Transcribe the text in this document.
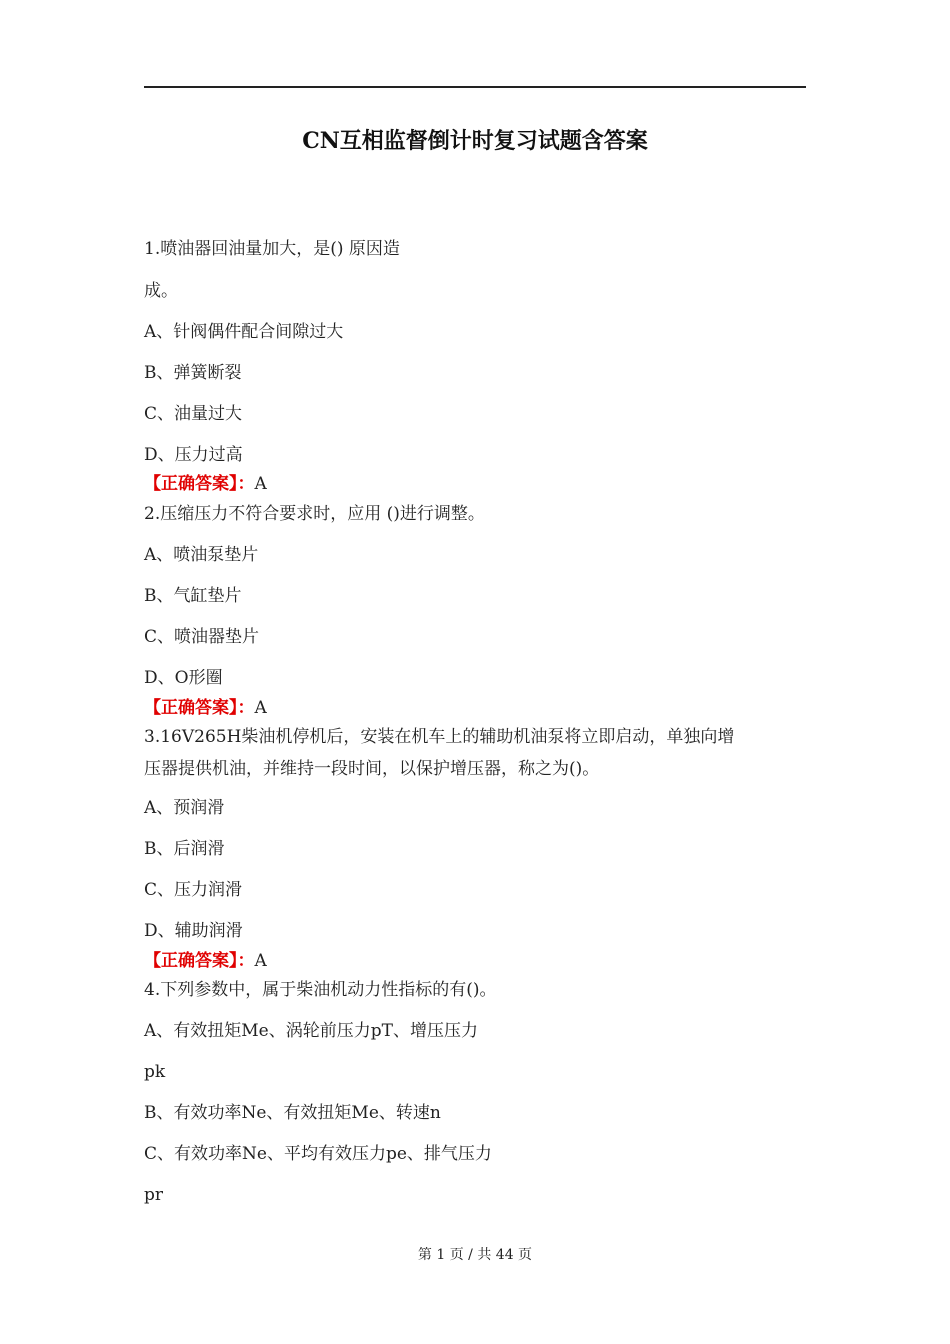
CN互相监督倒计时复习试题含答案
1.喷油器回油量加大，是() 原因造
成。
A、针阀偶件配合间隙过大
B、弹簧断裂
C、油量过大
D、压力过高
【正确答案】：A
2.压缩压力不符合要求时，应用 ()进行调整。
A、喷油泵垫片
B、气缸垫片
C、喷油器垫片
D、O形圈
【正确答案】：A
3.16V265H柴油机停机后，安装在机车上的辅助机油泵将立即启动，单独向增
压器提供机油，并维持一段时间，以保护增压器，称之为()。
A、预润滑
B、后润滑
C、压力润滑
D、辅助润滑
【正确答案】：A
4.下列参数中，属于柴油机动力性指标的有()。
A、有效扭矩Me、涡轮前压力pT、增压压力
pk
B、有效功率Ne、有效扭矩Me、转速n
C、有效功率Ne、平均有效压力pe、排气压力
pr
第 1 页 / 共 44 页
